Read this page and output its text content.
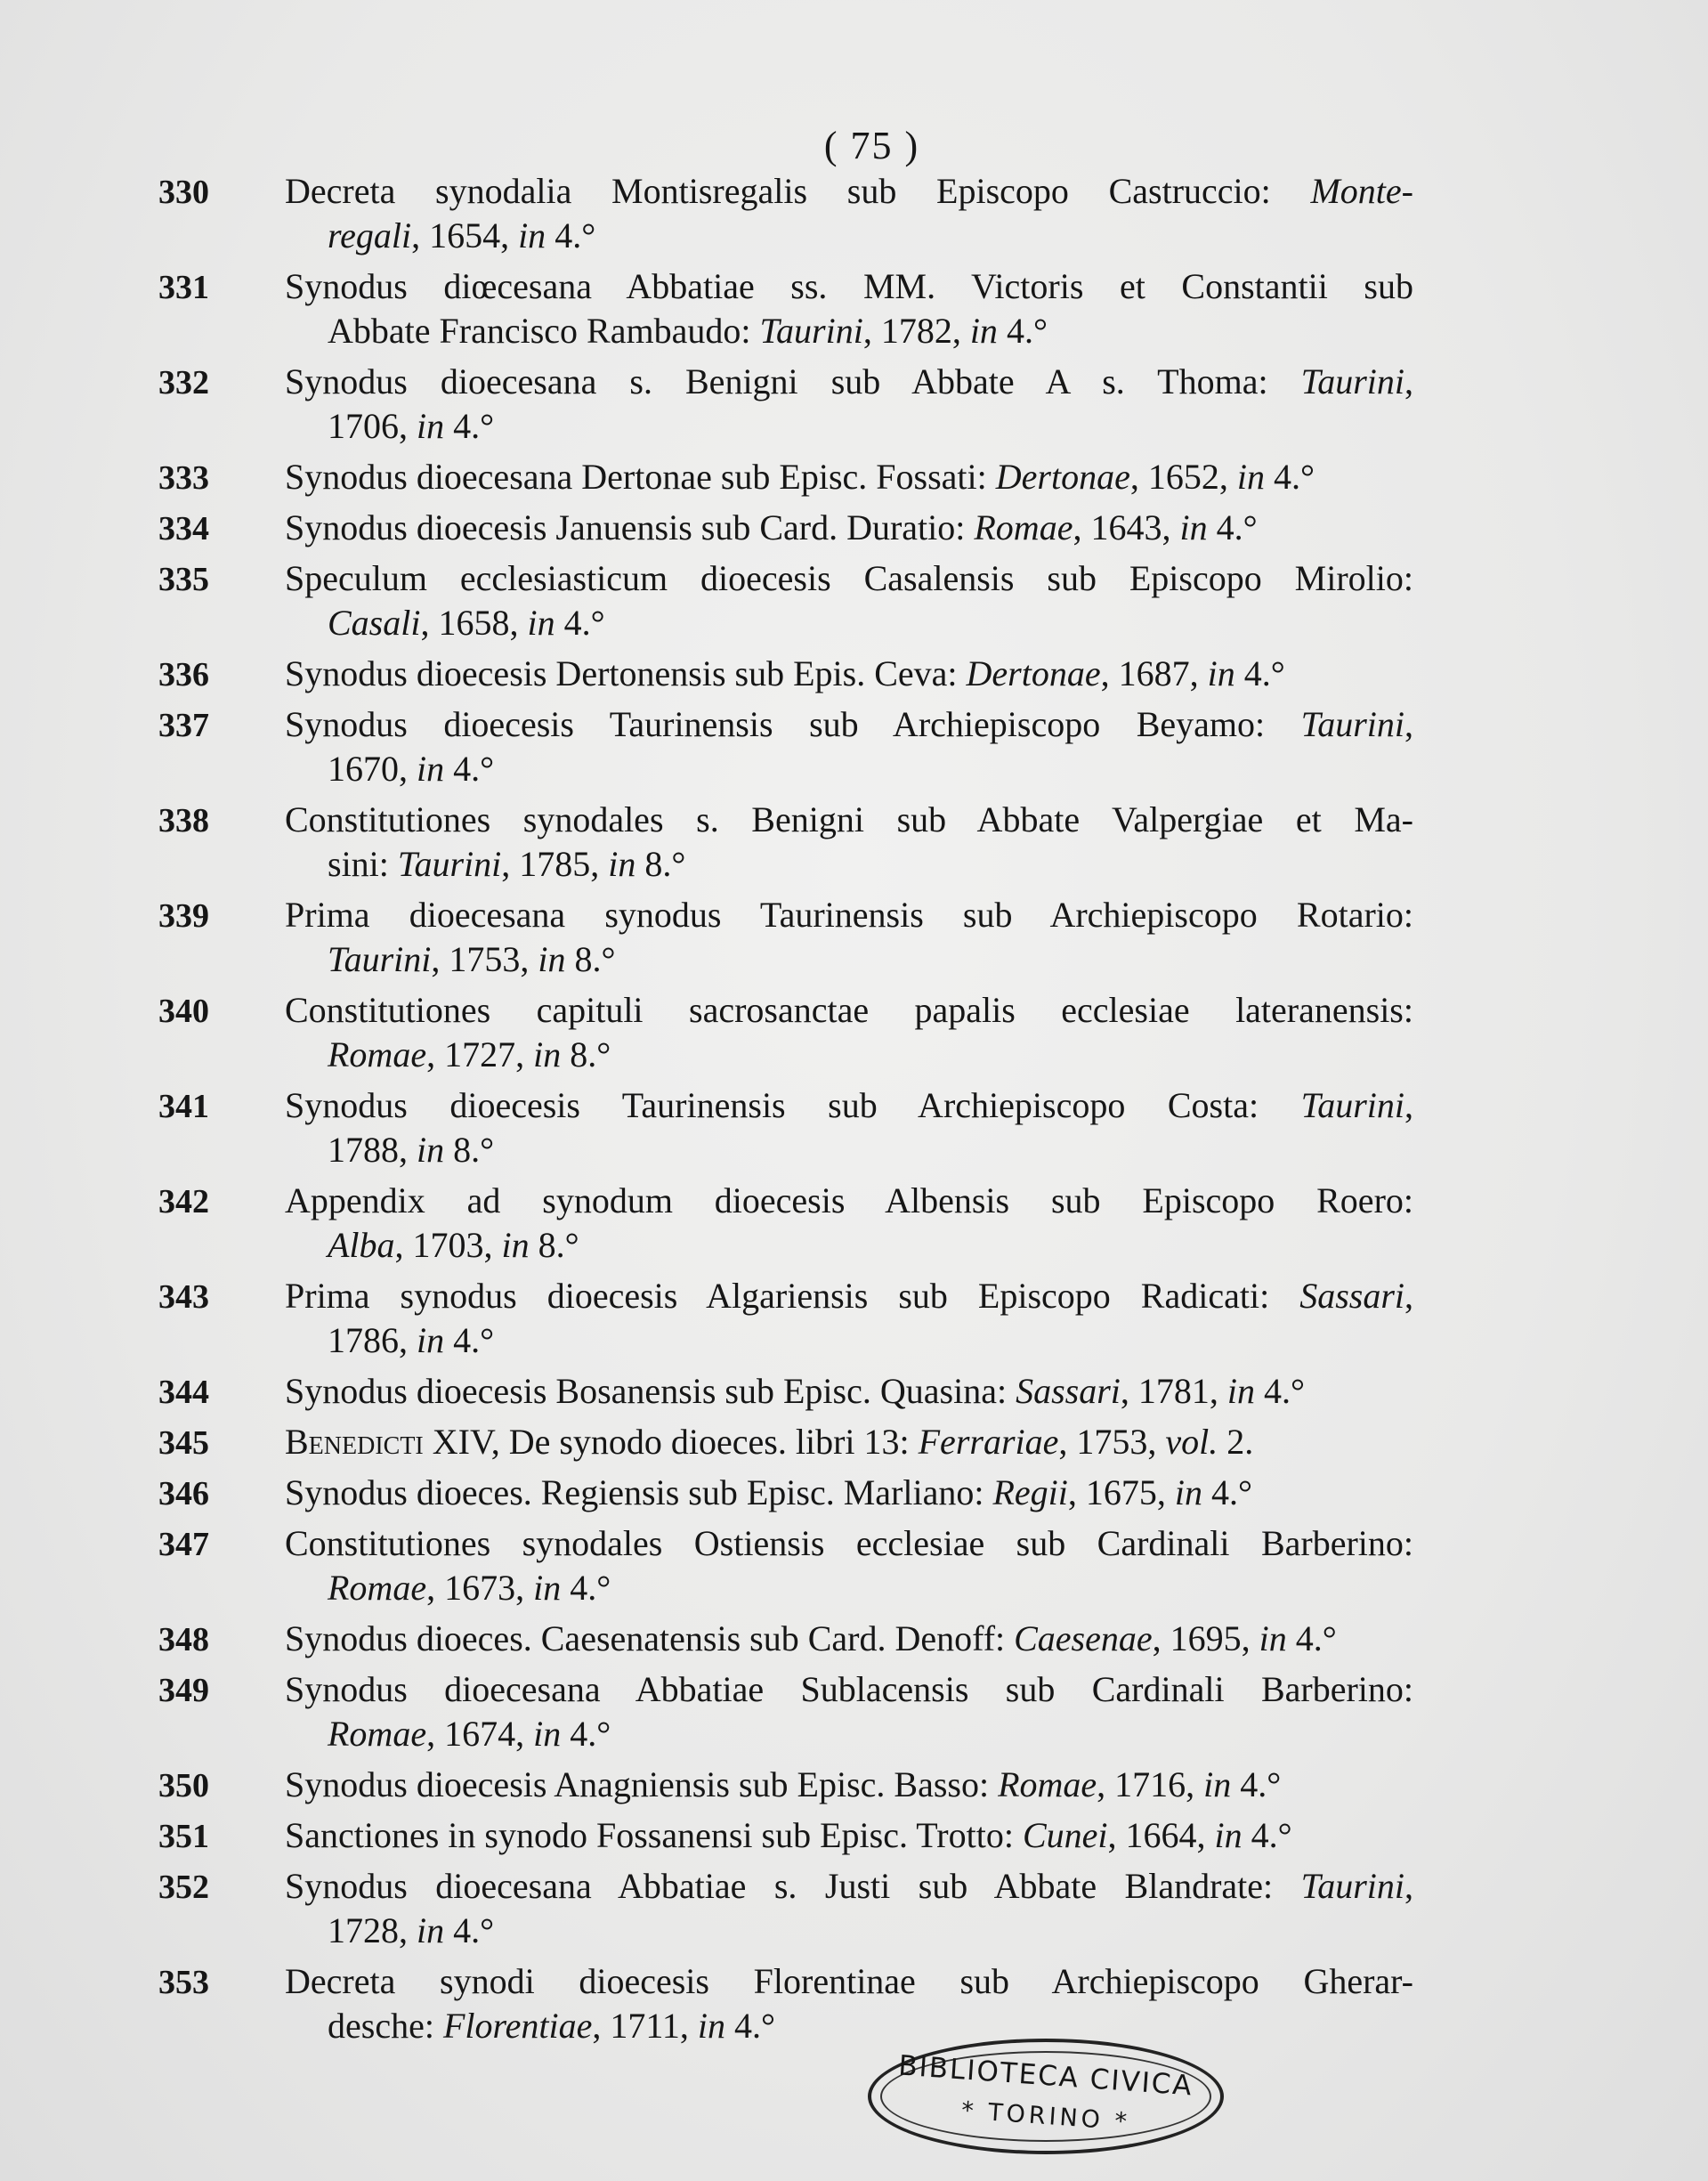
( 75 )
330 Decreta synodalia Montisregalis sub Episcopo Castruccio: Monte-
regali, 1654, in 4.°
331 Synodus diœcesana Abbatiae ss. MM. Victoris et Constantii sub
Abbate Francisco Rambaudo: Taurini, 1782, in 4.°
332 Synodus dioecesana s. Benigni sub Abbate A s. Thoma: Taurini,
1706, in 4.°
333 Synodus dioecesana Dertonae sub Episc. Fossati: Dertonae, 1652, in 4.°
334 Synodus dioecesis Januensis sub Card. Duratio: Romae, 1643, in 4.°
335 Speculum ecclesiasticum dioecesis Casalensis sub Episcopo Mirolio:
Casali, 1658, in 4.°
336 Synodus dioecesis Dertonensis sub Epis. Ceva: Dertonae, 1687, in 4.°
337 Synodus dioecesis Taurinensis sub Archiepiscopo Beyamo: Taurini,
1670, in 4.°
338 Constitutiones synodales s. Benigni sub Abbate Valpergiae et Ma-
sini: Taurini, 1785, in 8.°
339 Prima dioecesana synodus Taurinensis sub Archiepiscopo Rotario:
Taurini, 1753, in 8.°
340 Constitutiones capituli sacrosanctae papalis ecclesiae lateranensis:
Romae, 1727, in 8.°
341 Synodus dioecesis Taurinensis sub Archiepiscopo Costa: Taurini,
1788, in 8.°
342 Appendix ad synodum dioecesis Albensis sub Episcopo Roero:
Alba, 1703, in 8.°
343 Prima synodus dioecesis Algariensis sub Episcopo Radicati: Sassari,
1786, in 4.°
344 Synodus dioecesis Bosanensis sub Episc. Quasina: Sassari, 1781, in 4.°
345 Benedicti XIV, De synodo dioeces. libri 13: Ferrariae, 1753, vol. 2.
346 Synodus dioeces. Regiensis sub Episc. Marliano: Regii, 1675, in 4.°
347 Constitutiones synodales Ostiensis ecclesiae sub Cardinali Barberino:
Romae, 1673, in 4.°
348 Synodus dioeces. Caesenatensis sub Card. Denoff: Caesenae, 1695, in 4.°
349 Synodus dioecesana Abbatiae Sublacensis sub Cardinali Barberino:
Romae, 1674, in 4.°
350 Synodus dioecesis Anagniensis sub Episc. Basso: Romae, 1716, in 4.°
351 Sanctiones in synodo Fossanensi sub Episc. Trotto: Cunei, 1664, in 4.°
352 Synodus dioecesana Abbatiae s. Justi sub Abbate Blandrate: Taurini,
1728, in 4.°
353 Decreta synodi dioecesis Florentinae sub Archiepiscopo Gherar-
desche: Florentiae, 1711, in 4.°
BIBLIOTECA CIVICA
* TORINO *
